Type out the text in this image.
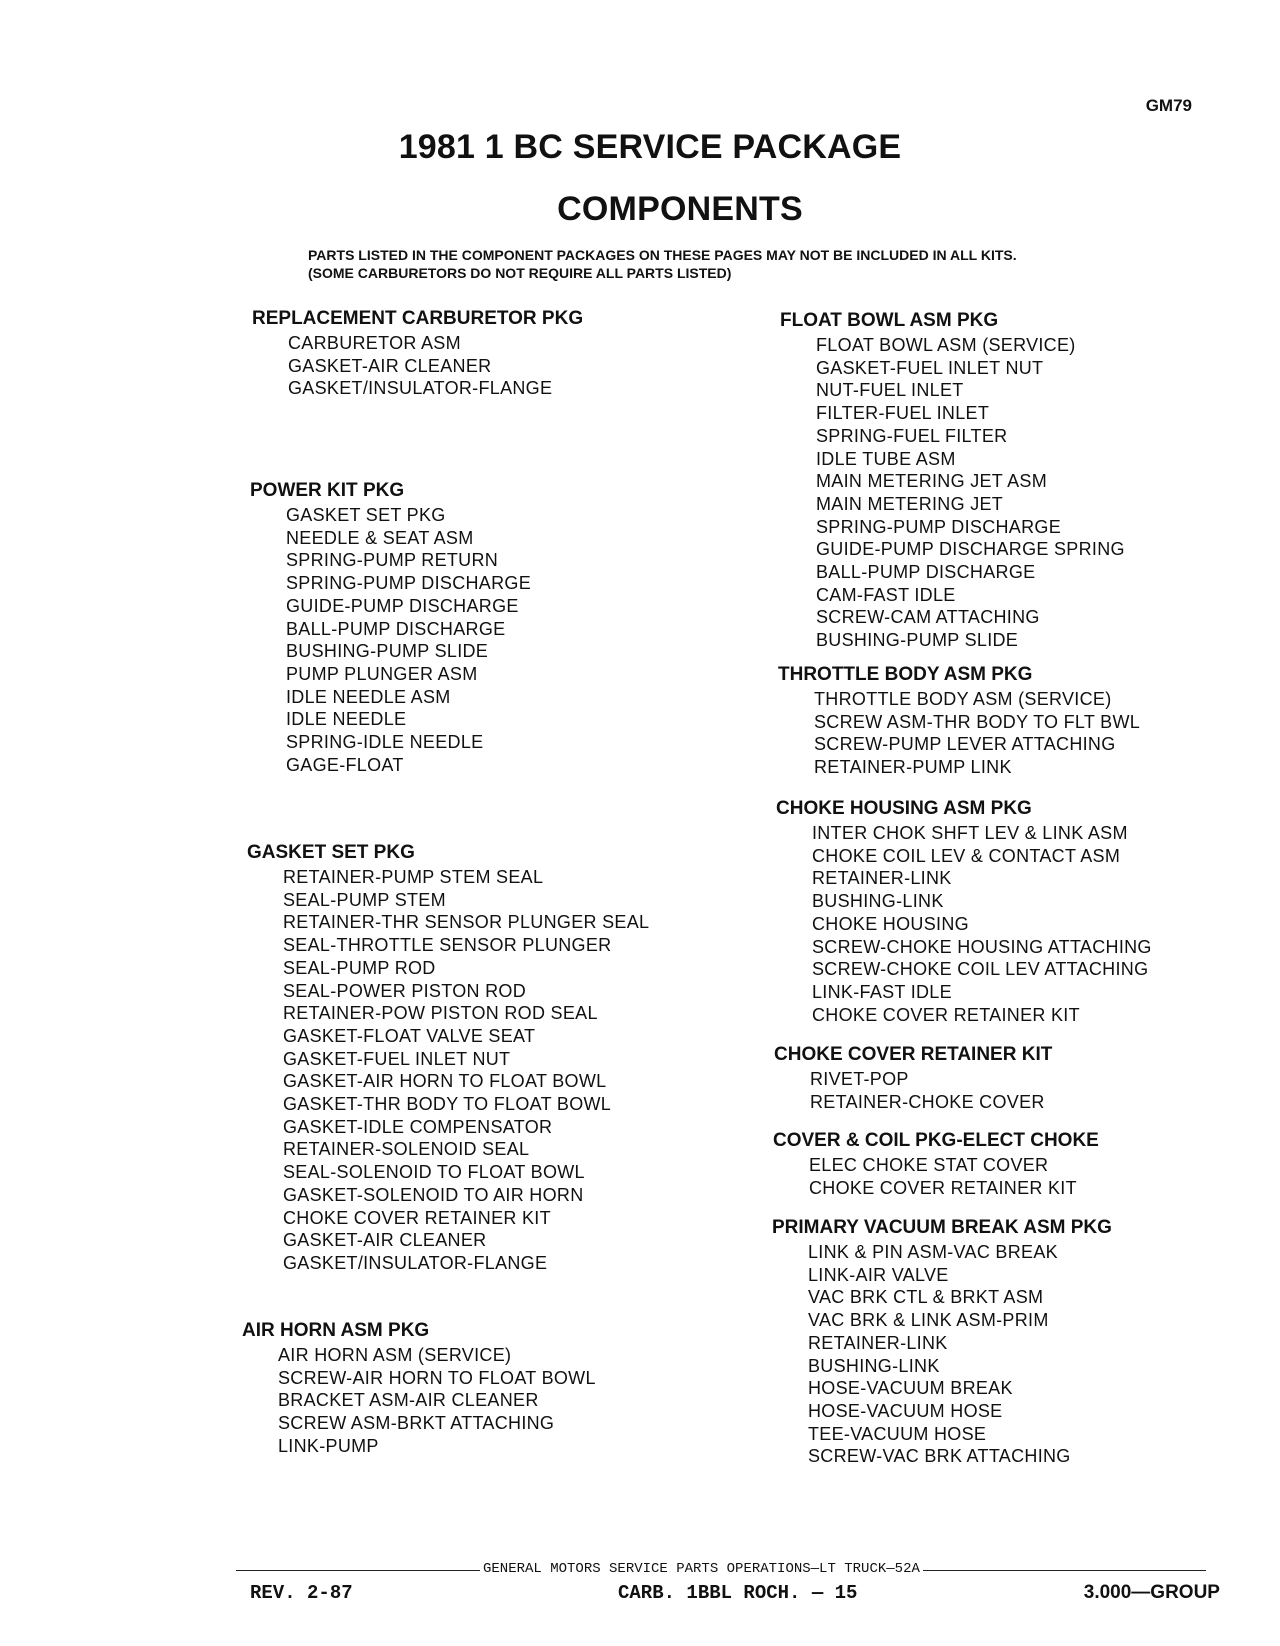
GM79
1981 1 BC SERVICE PACKAGE
COMPONENTS
PARTS LISTED IN THE COMPONENT PACKAGES ON THESE PAGES MAY NOT BE INCLUDED IN ALL KITS.
(SOME CARBURETORS DO NOT REQUIRE ALL PARTS LISTED)
REPLACEMENT CARBURETOR PKG
CARBURETOR ASM
GASKET-AIR CLEANER
GASKET/INSULATOR-FLANGE
POWER KIT PKG
GASKET SET PKG
NEEDLE & SEAT ASM
SPRING-PUMP RETURN
SPRING-PUMP DISCHARGE
GUIDE-PUMP DISCHARGE
BALL-PUMP DISCHARGE
BUSHING-PUMP SLIDE
PUMP PLUNGER ASM
IDLE NEEDLE ASM
IDLE NEEDLE
SPRING-IDLE NEEDLE
GAGE-FLOAT
GASKET SET PKG
RETAINER-PUMP STEM SEAL
SEAL-PUMP STEM
RETAINER-THR SENSOR PLUNGER SEAL
SEAL-THROTTLE SENSOR PLUNGER
SEAL-PUMP ROD
SEAL-POWER PISTON ROD
RETAINER-POW PISTON ROD SEAL
GASKET-FLOAT VALVE SEAT
GASKET-FUEL INLET NUT
GASKET-AIR HORN TO FLOAT BOWL
GASKET-THR BODY TO FLOAT BOWL
GASKET-IDLE COMPENSATOR
RETAINER-SOLENOID SEAL
SEAL-SOLENOID TO FLOAT BOWL
GASKET-SOLENOID TO AIR HORN
CHOKE COVER RETAINER KIT
GASKET-AIR CLEANER
GASKET/INSULATOR-FLANGE
AIR HORN ASM PKG
AIR HORN ASM (SERVICE)
SCREW-AIR HORN TO FLOAT BOWL
BRACKET ASM-AIR CLEANER
SCREW ASM-BRKT ATTACHING
LINK-PUMP
FLOAT BOWL ASM PKG
FLOAT BOWL ASM (SERVICE)
GASKET-FUEL INLET NUT
NUT-FUEL INLET
FILTER-FUEL INLET
SPRING-FUEL FILTER
IDLE TUBE ASM
MAIN METERING JET ASM
MAIN METERING JET
SPRING-PUMP DISCHARGE
GUIDE-PUMP DISCHARGE SPRING
BALL-PUMP DISCHARGE
CAM-FAST IDLE
SCREW-CAM ATTACHING
BUSHING-PUMP SLIDE
THROTTLE BODY ASM PKG
THROTTLE BODY ASM (SERVICE)
SCREW ASM-THR BODY TO FLT BWL
SCREW-PUMP LEVER ATTACHING
RETAINER-PUMP LINK
CHOKE HOUSING ASM PKG
INTER CHOK SHFT LEV & LINK ASM
CHOKE COIL LEV & CONTACT ASM
RETAINER-LINK
BUSHING-LINK
CHOKE HOUSING
SCREW-CHOKE HOUSING ATTACHING
SCREW-CHOKE COIL LEV ATTACHING
LINK-FAST IDLE
CHOKE COVER RETAINER KIT
CHOKE COVER RETAINER KIT
RIVET-POP
RETAINER-CHOKE COVER
COVER & COIL PKG-ELECT CHOKE
ELEC CHOKE STAT COVER
CHOKE COVER RETAINER KIT
PRIMARY VACUUM BREAK ASM PKG
LINK & PIN ASM-VAC BREAK
LINK-AIR VALVE
VAC BRK CTL & BRKT ASM
VAC BRK & LINK ASM-PRIM
RETAINER-LINK
BUSHING-LINK
HOSE-VACUUM BREAK
HOSE-VACUUM HOSE
TEE-VACUUM HOSE
SCREW-VAC BRK ATTACHING
GENERAL MOTORS SERVICE PARTS OPERATIONS—LT TRUCK—52A
REV. 2-87	CARB. 1BBL ROCH. — 15	3.000—GROUP
